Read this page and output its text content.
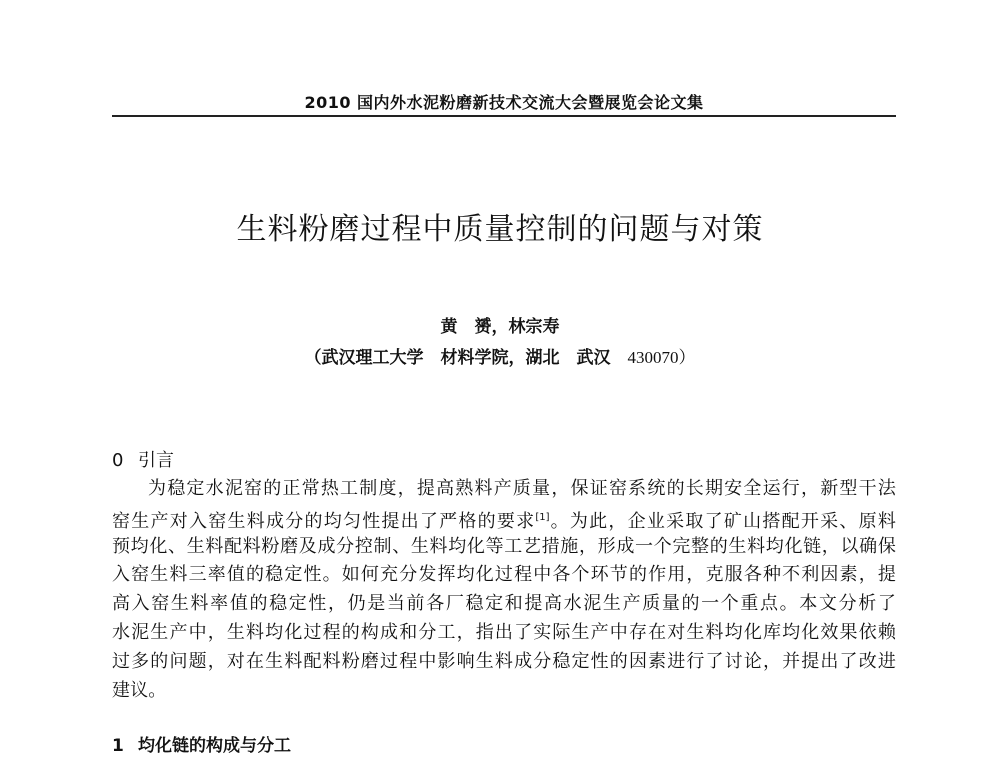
2010 国内外水泥粉磨新技术交流大会暨展览会论文集
生料粉磨过程中质量控制的问题与对策
黄　赟，林宗寿
（武汉理工大学　材料学院，湖北　武汉 430070）
0 引言
为稳定水泥窑的正常热工制度，提高熟料产质量，保证窑系统的长期安全运行，新型干法
窑生产对入窑生料成分的均匀性提出了严格的要求[1]。为此，企业采取了矿山搭配开采、原料
预均化、生料配料粉磨及成分控制、生料均化等工艺措施，形成一个完整的生料均化链，以确保
入窑生料三率值的稳定性。如何充分发挥均化过程中各个环节的作用，克服各种不利因素，提
高入窑生料率值的稳定性，仍是当前各厂稳定和提高水泥生产质量的一个重点。本文分析了
水泥生产中，生料均化过程的构成和分工，指出了实际生产中存在对生料均化库均化效果依赖
过多的问题，对在生料配料粉磨过程中影响生料成分稳定性的因素进行了讨论，并提出了改进
建议。
1 均化链的构成与分工
